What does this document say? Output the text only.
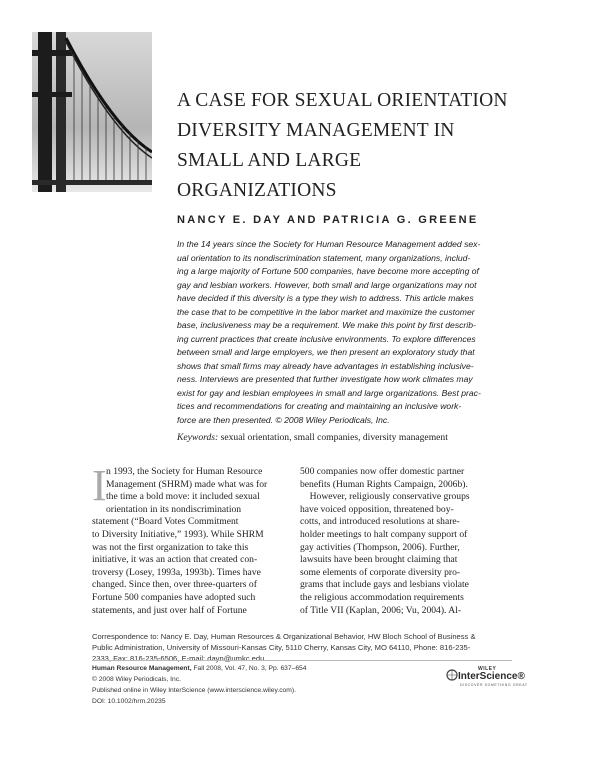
A CASE FOR SEXUAL ORIENTATION
DIVERSITY MANAGEMENT IN
SMALL AND LARGE
ORGANIZATIONS
NANCY E. DAY AND PATRICIA G. GREENE
In the 14 years since the Society for Human Resource Management added sex-
ual orientation to its nondiscrimination statement, many organizations, includ-
ing a large majority of Fortune 500 companies, have become more accepting of
gay and lesbian workers. However, both small and large organizations may not
have decided if this diversity is a type they wish to address. This article makes
the case that to be competitive in the labor market and maximize the customer
base, inclusiveness may be a requirement. We make this point by first describ-
ing current practices that create inclusive environments. To explore differences
between small and large employers, we then present an exploratory study that
shows that small firms may already have advantages in establishing inclusive-
ness. Interviews are presented that further investigate how work climates may
exist for gay and lesbian employees in small and large organizations. Best prac-
tices and recommendations for creating and maintaining an inclusive work-
force are then presented. © 2008 Wiley Periodicals, Inc.
Keywords: sexual orientation, small companies, diversity management
I n 1993, the Society for Human Resource
Management (SHRM) made what was for
the time a bold move: it included sexual
orientation in its nondiscrimination
statement (“Board Votes Commitment
to Diversity Initiative,” 1993). While SHRM
was not the first organization to take this
initiative, it was an action that created con-
troversy (Losey, 1993a, 1993b). Times have
changed. Since then, over three-quarters of
Fortune 500 companies have adopted such
statements, and just over half of Fortune
500 companies now offer domestic partner
benefits (Human Rights Campaign, 2006b).
However, religiously conservative groups
have voiced opposition, threatened boy-
cotts, and introduced resolutions at share-
holder meetings to halt company support of
gay activities (Thompson, 2006). Further,
lawsuits have been brought claiming that
some elements of corporate diversity pro-
grams that include gays and lesbians violate
the religious accommodation requirements
of Title VII (Kaplan, 2006; Vu, 2004). Al-
Correspondence to: Nancy E. Day, Human Resources & Organizational Behavior, HW Bloch School of Business &
Public Administration, University of Missouri-Kansas City, 5110 Cherry, Kansas City, MO 64110, Phone: 816-235-
2333, Fax: 816-235-6506, E-mail: dayn@umkc.edu.
Human Resource Management, Fall 2008, Vol. 47, No. 3, Pp. 637–654
© 2008 Wiley Periodicals, Inc.
Published online in Wiley InterScience (www.interscience.wiley.com).
DOI: 10.1002/hrm.20235
WILEY
InterScience®
DISCOVER SOMETHING GREAT
